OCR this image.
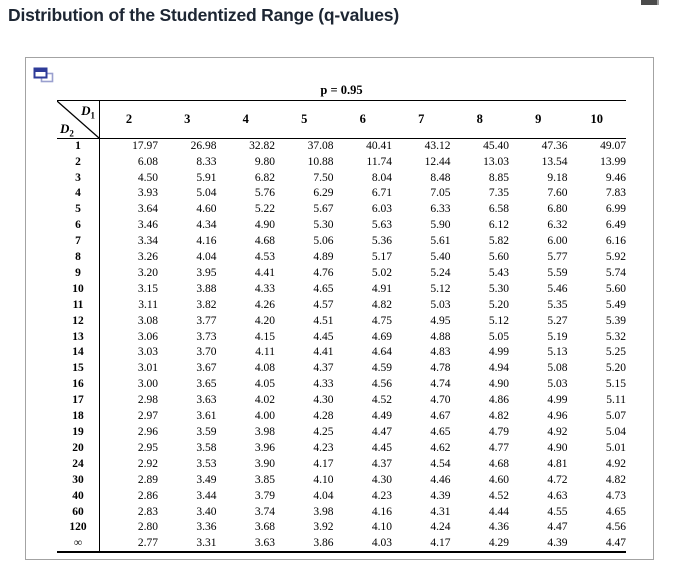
Distribution of the Studentized Range (q-values)
p = 0.95
$D_1$
$D_2$	2	3	4	5	6	7	8	9	10
1	17.97	26.98	32.82	37.08	40.41	43.12	45.40	47.36	49.07
2	6.08	8.33	9.80	10.88	11.74	12.44	13.03	13.54	13.99
3	4.50	5.91	6.82	7.50	8.04	8.48	8.85	9.18	9.46
4	3.93	5.04	5.76	6.29	6.71	7.05	7.35	7.60	7.83
5	3.64	4.60	5.22	5.67	6.03	6.33	6.58	6.80	6.99
6	3.46	4.34	4.90	5.30	5.63	5.90	6.12	6.32	6.49
7	3.34	4.16	4.68	5.06	5.36	5.61	5.82	6.00	6.16
8	3.26	4.04	4.53	4.89	5.17	5.40	5.60	5.77	5.92
9	3.20	3.95	4.41	4.76	5.02	5.24	5.43	5.59	5.74
10	3.15	3.88	4.33	4.65	4.91	5.12	5.30	5.46	5.60
11	3.11	3.82	4.26	4.57	4.82	5.03	5.20	5.35	5.49
12	3.08	3.77	4.20	4.51	4.75	4.95	5.12	5.27	5.39
13	3.06	3.73	4.15	4.45	4.69	4.88	5.05	5.19	5.32
14	3.03	3.70	4.11	4.41	4.64	4.83	4.99	5.13	5.25
15	3.01	3.67	4.08	4.37	4.59	4.78	4.94	5.08	5.20
16	3.00	3.65	4.05	4.33	4.56	4.74	4.90	5.03	5.15
17	2.98	3.63	4.02	4.30	4.52	4.70	4.86	4.99	5.11
18	2.97	3.61	4.00	4.28	4.49	4.67	4.82	4.96	5.07
19	2.96	3.59	3.98	4.25	4.47	4.65	4.79	4.92	5.04
20	2.95	3.58	3.96	4.23	4.45	4.62	4.77	4.90	5.01
24	2.92	3.53	3.90	4.17	4.37	4.54	4.68	4.81	4.92
30	2.89	3.49	3.85	4.10	4.30	4.46	4.60	4.72	4.82
40	2.86	3.44	3.79	4.04	4.23	4.39	4.52	4.63	4.73
60	2.83	3.40	3.74	3.98	4.16	4.31	4.44	4.55	4.65
120	2.80	3.36	3.68	3.92	4.10	4.24	4.36	4.47	4.56
∞	2.77	3.31	3.63	3.86	4.03	4.17	4.29	4.39	4.47
